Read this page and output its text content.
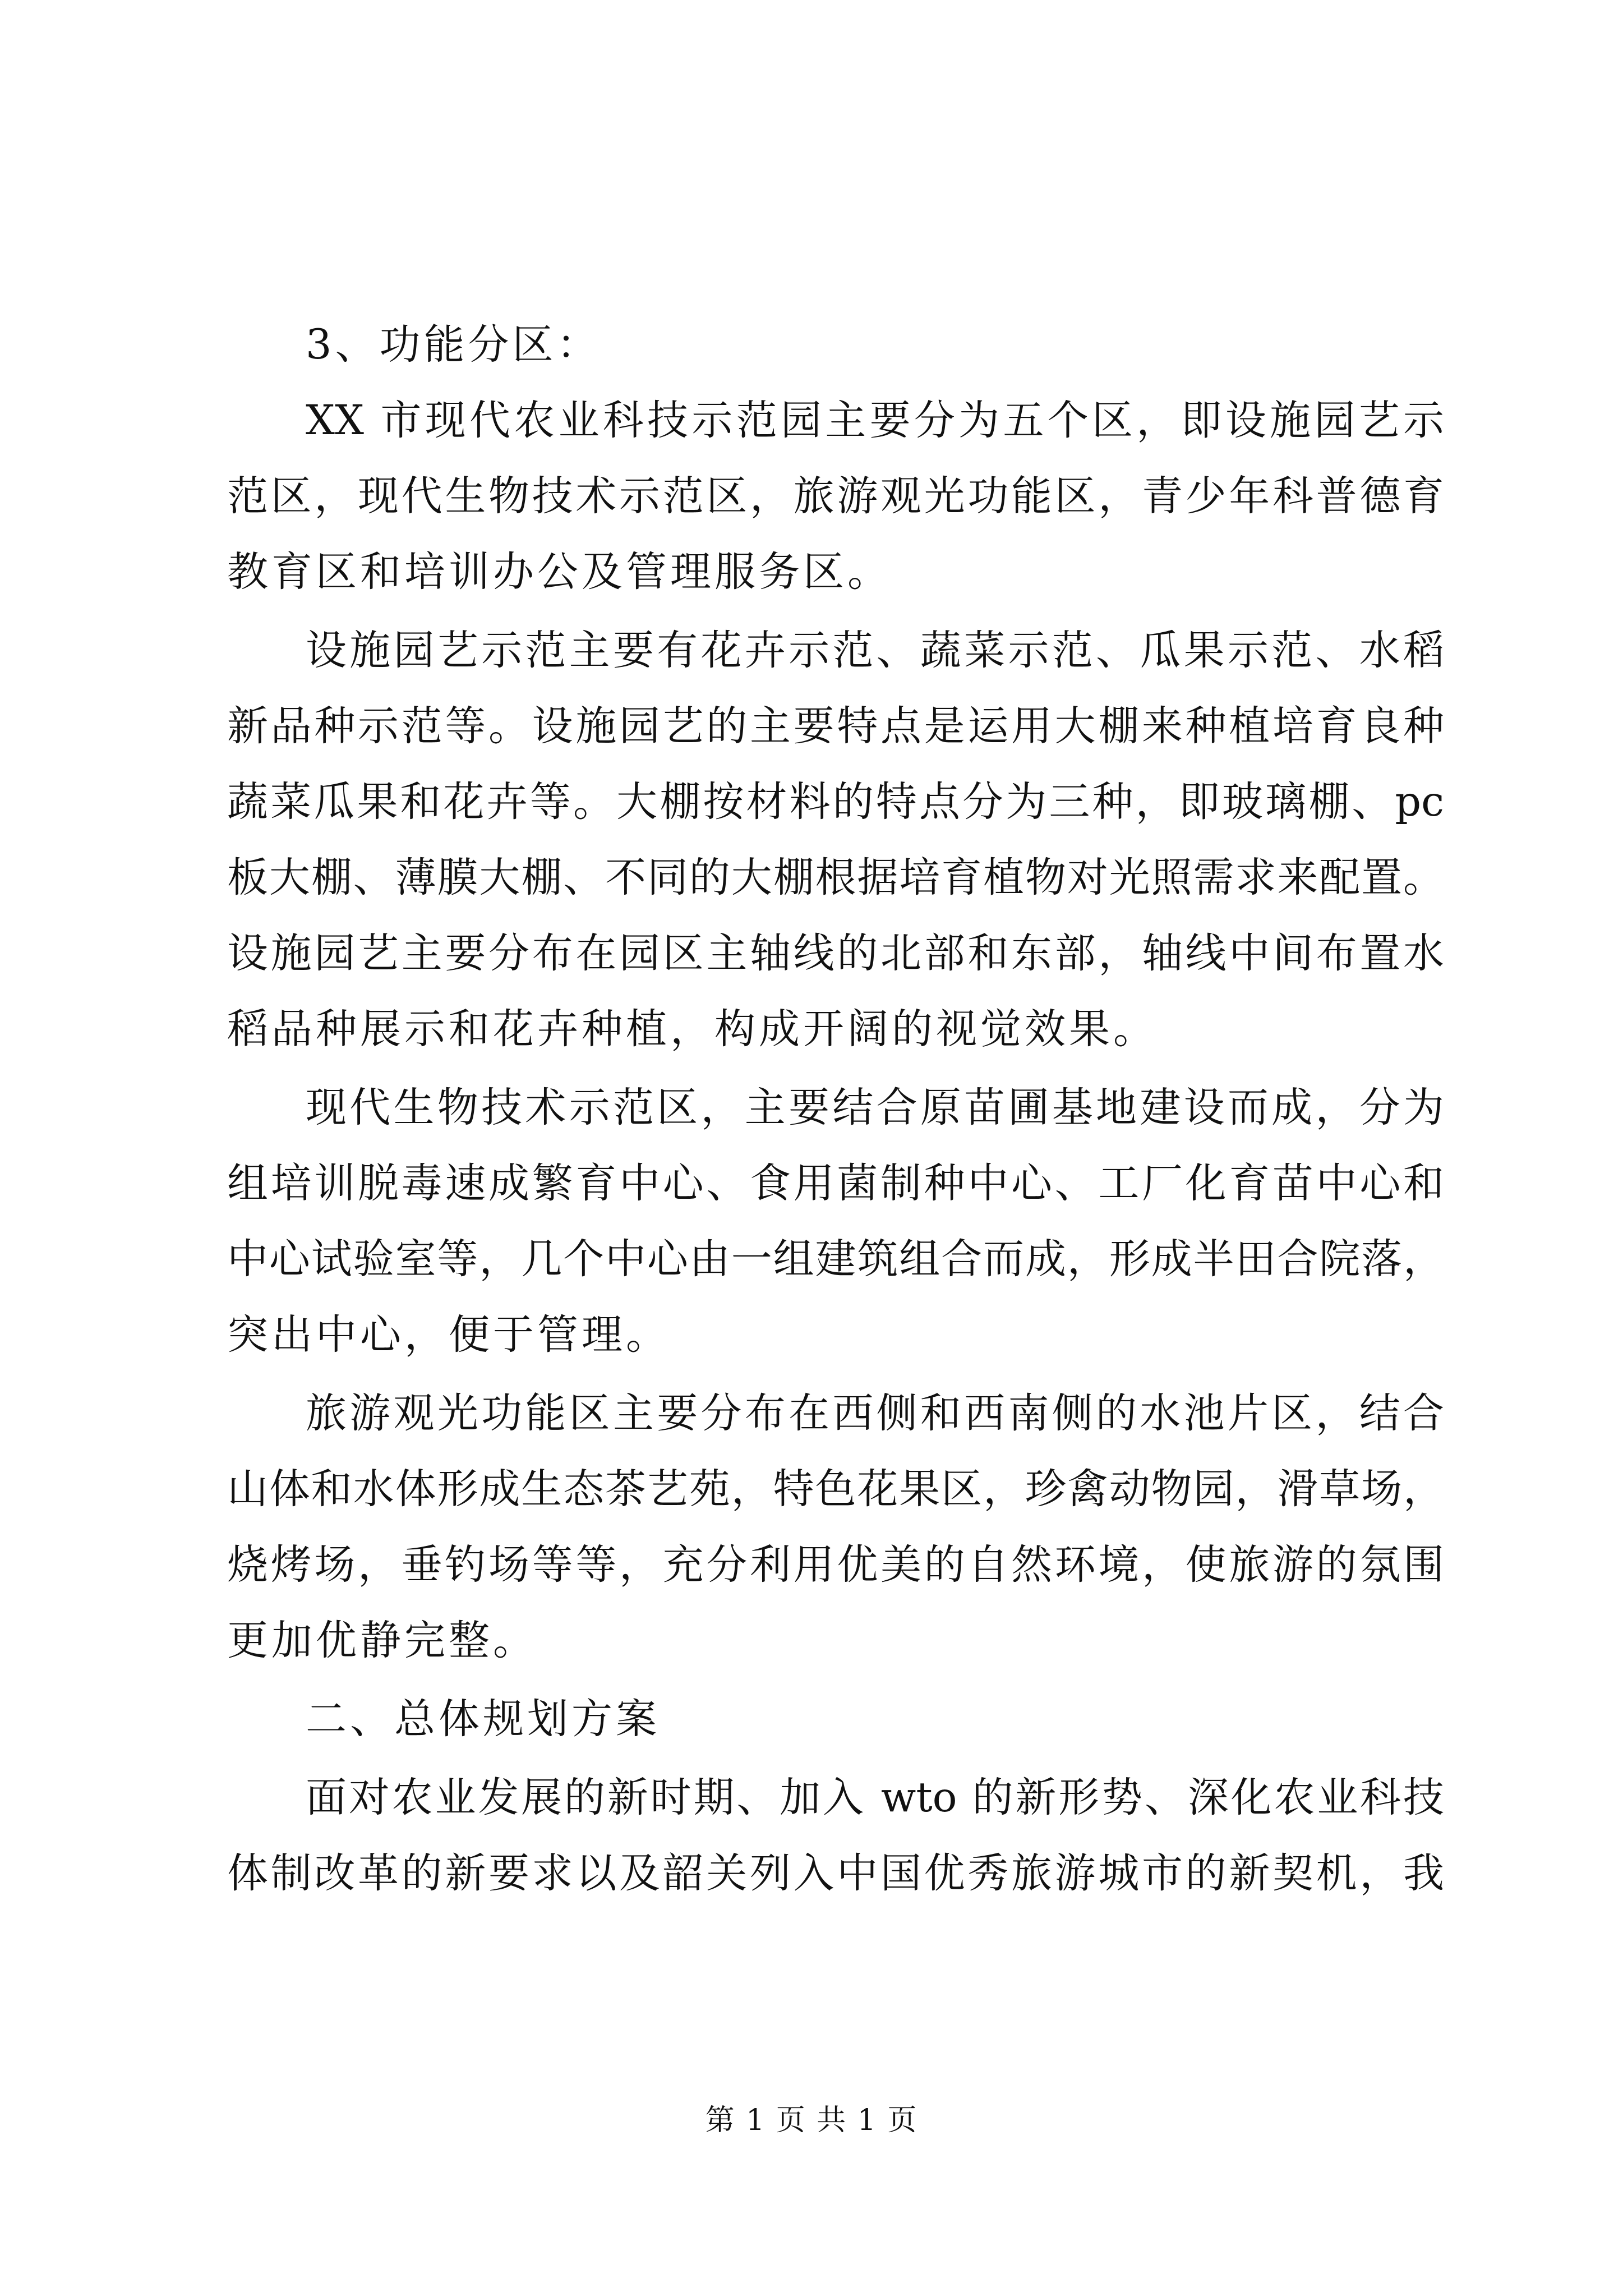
3、功能分区：
XX 市现代农业科技示范园主要分为五个区，即设施园艺示
范区，现代生物技术示范区，旅游观光功能区，青少年科普德育
教育区和培训办公及管理服务区。
设施园艺示范主要有花卉示范、蔬菜示范、瓜果示范、水稻
新品种示范等。设施园艺的主要特点是运用大棚来种植培育良种
蔬菜瓜果和花卉等。大棚按材料的特点分为三种，即玻璃棚、pc
板大棚、薄膜大棚、不同的大棚根据培育植物对光照需求来配置。
设施园艺主要分布在园区主轴线的北部和东部，轴线中间布置水
稻品种展示和花卉种植，构成开阔的视觉效果。
现代生物技术示范区，主要结合原苗圃基地建设而成，分为
组培训脱毒速成繁育中心、食用菌制种中心、工厂化育苗中心和
中心试验室等，几个中心由一组建筑组合而成，形成半田合院落，
突出中心，便于管理。
旅游观光功能区主要分布在西侧和西南侧的水池片区，结合
山体和水体形成生态茶艺苑，特色花果区，珍禽动物园，滑草场，
烧烤场，垂钓场等等，充分利用优美的自然环境，使旅游的氛围
更加优静完整。
二、总体规划方案
面对农业发展的新时期、加入 wto 的新形势、深化农业科技
体制改革的新要求以及韶关列入中国优秀旅游城市的新契机，我
第 1 页 共 1 页
